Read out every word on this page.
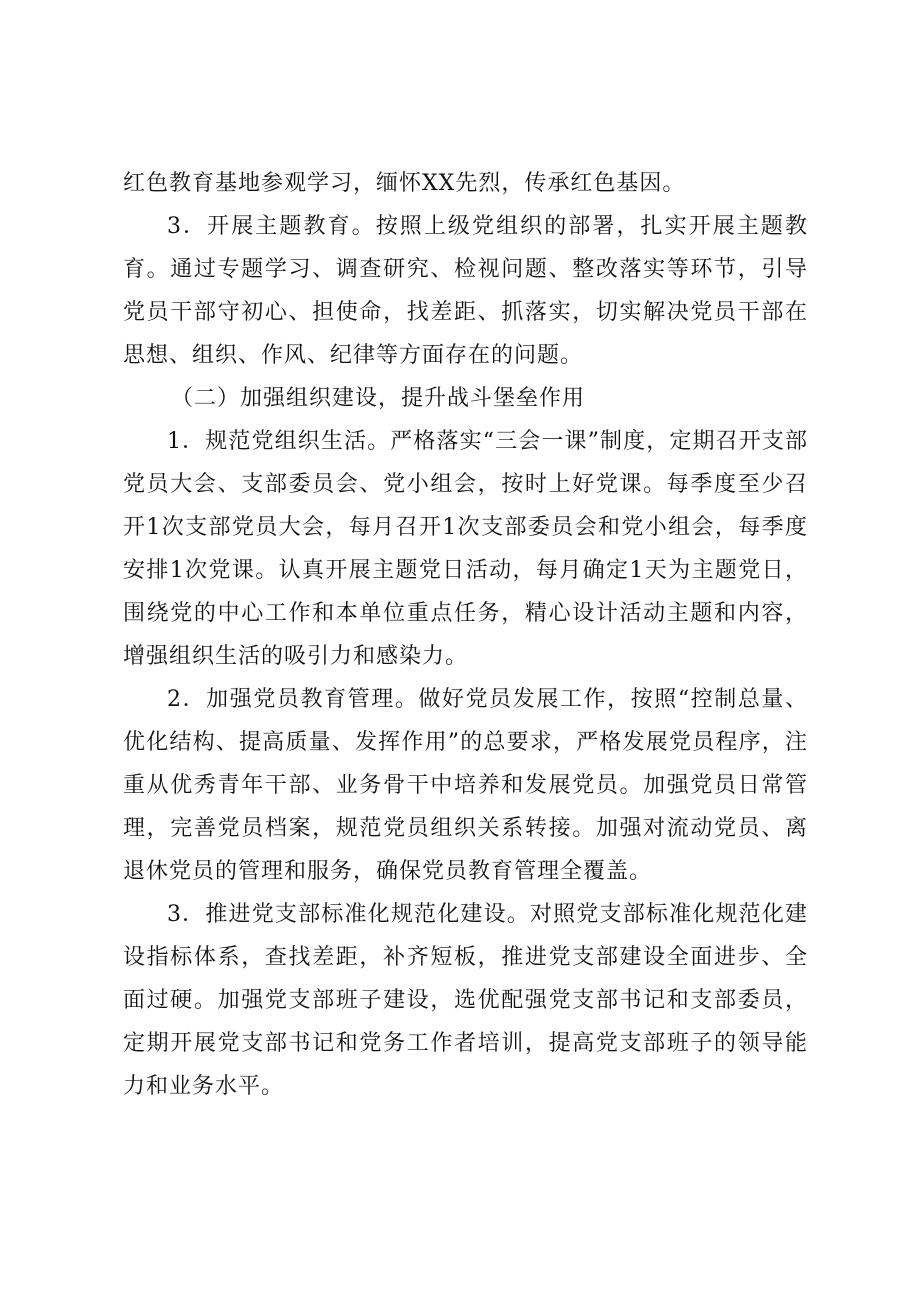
红色教育基地参观学习，缅怀XX先烈，传承红色基因。

3．开展主题教育。按照上级党组织的部署，扎实开展主题教育。通过专题学习、调查研究、检视问题、整改落实等环节，引导党员干部守初心、担使命，找差距、抓落实，切实解决党员干部在思想、组织、作风、纪律等方面存在的问题。

（二）加强组织建设，提升战斗堡垒作用

1．规范党组织生活。严格落实“三会一课”制度，定期召开支部党员大会、支部委员会、党小组会，按时上好党课。每季度至少召开1次支部党员大会，每月召开1次支部委员会和党小组会，每季度安排1次党课。认真开展主题党日活动，每月确定1天为主题党日，围绕党的中心工作和本单位重点任务，精心设计活动主题和内容，增强组织生活的吸引力和感染力。

2．加强党员教育管理。做好党员发展工作，按照“控制总量、优化结构、提高质量、发挥作用”的总要求，严格发展党员程序，注重从优秀青年干部、业务骨干中培养和发展党员。加强党员日常管理，完善党员档案，规范党员组织关系转接。加强对流动党员、离退休党员的管理和服务，确保党员教育管理全覆盖。

3．推进党支部标准化规范化建设。对照党支部标准化规范化建设指标体系，查找差距，补齐短板，推进党支部建设全面进步、全面过硬。加强党支部班子建设，选优配强党支部书记和支部委员，定期开展党支部书记和党务工作者培训，提高党支部班子的领导能力和业务水平。
